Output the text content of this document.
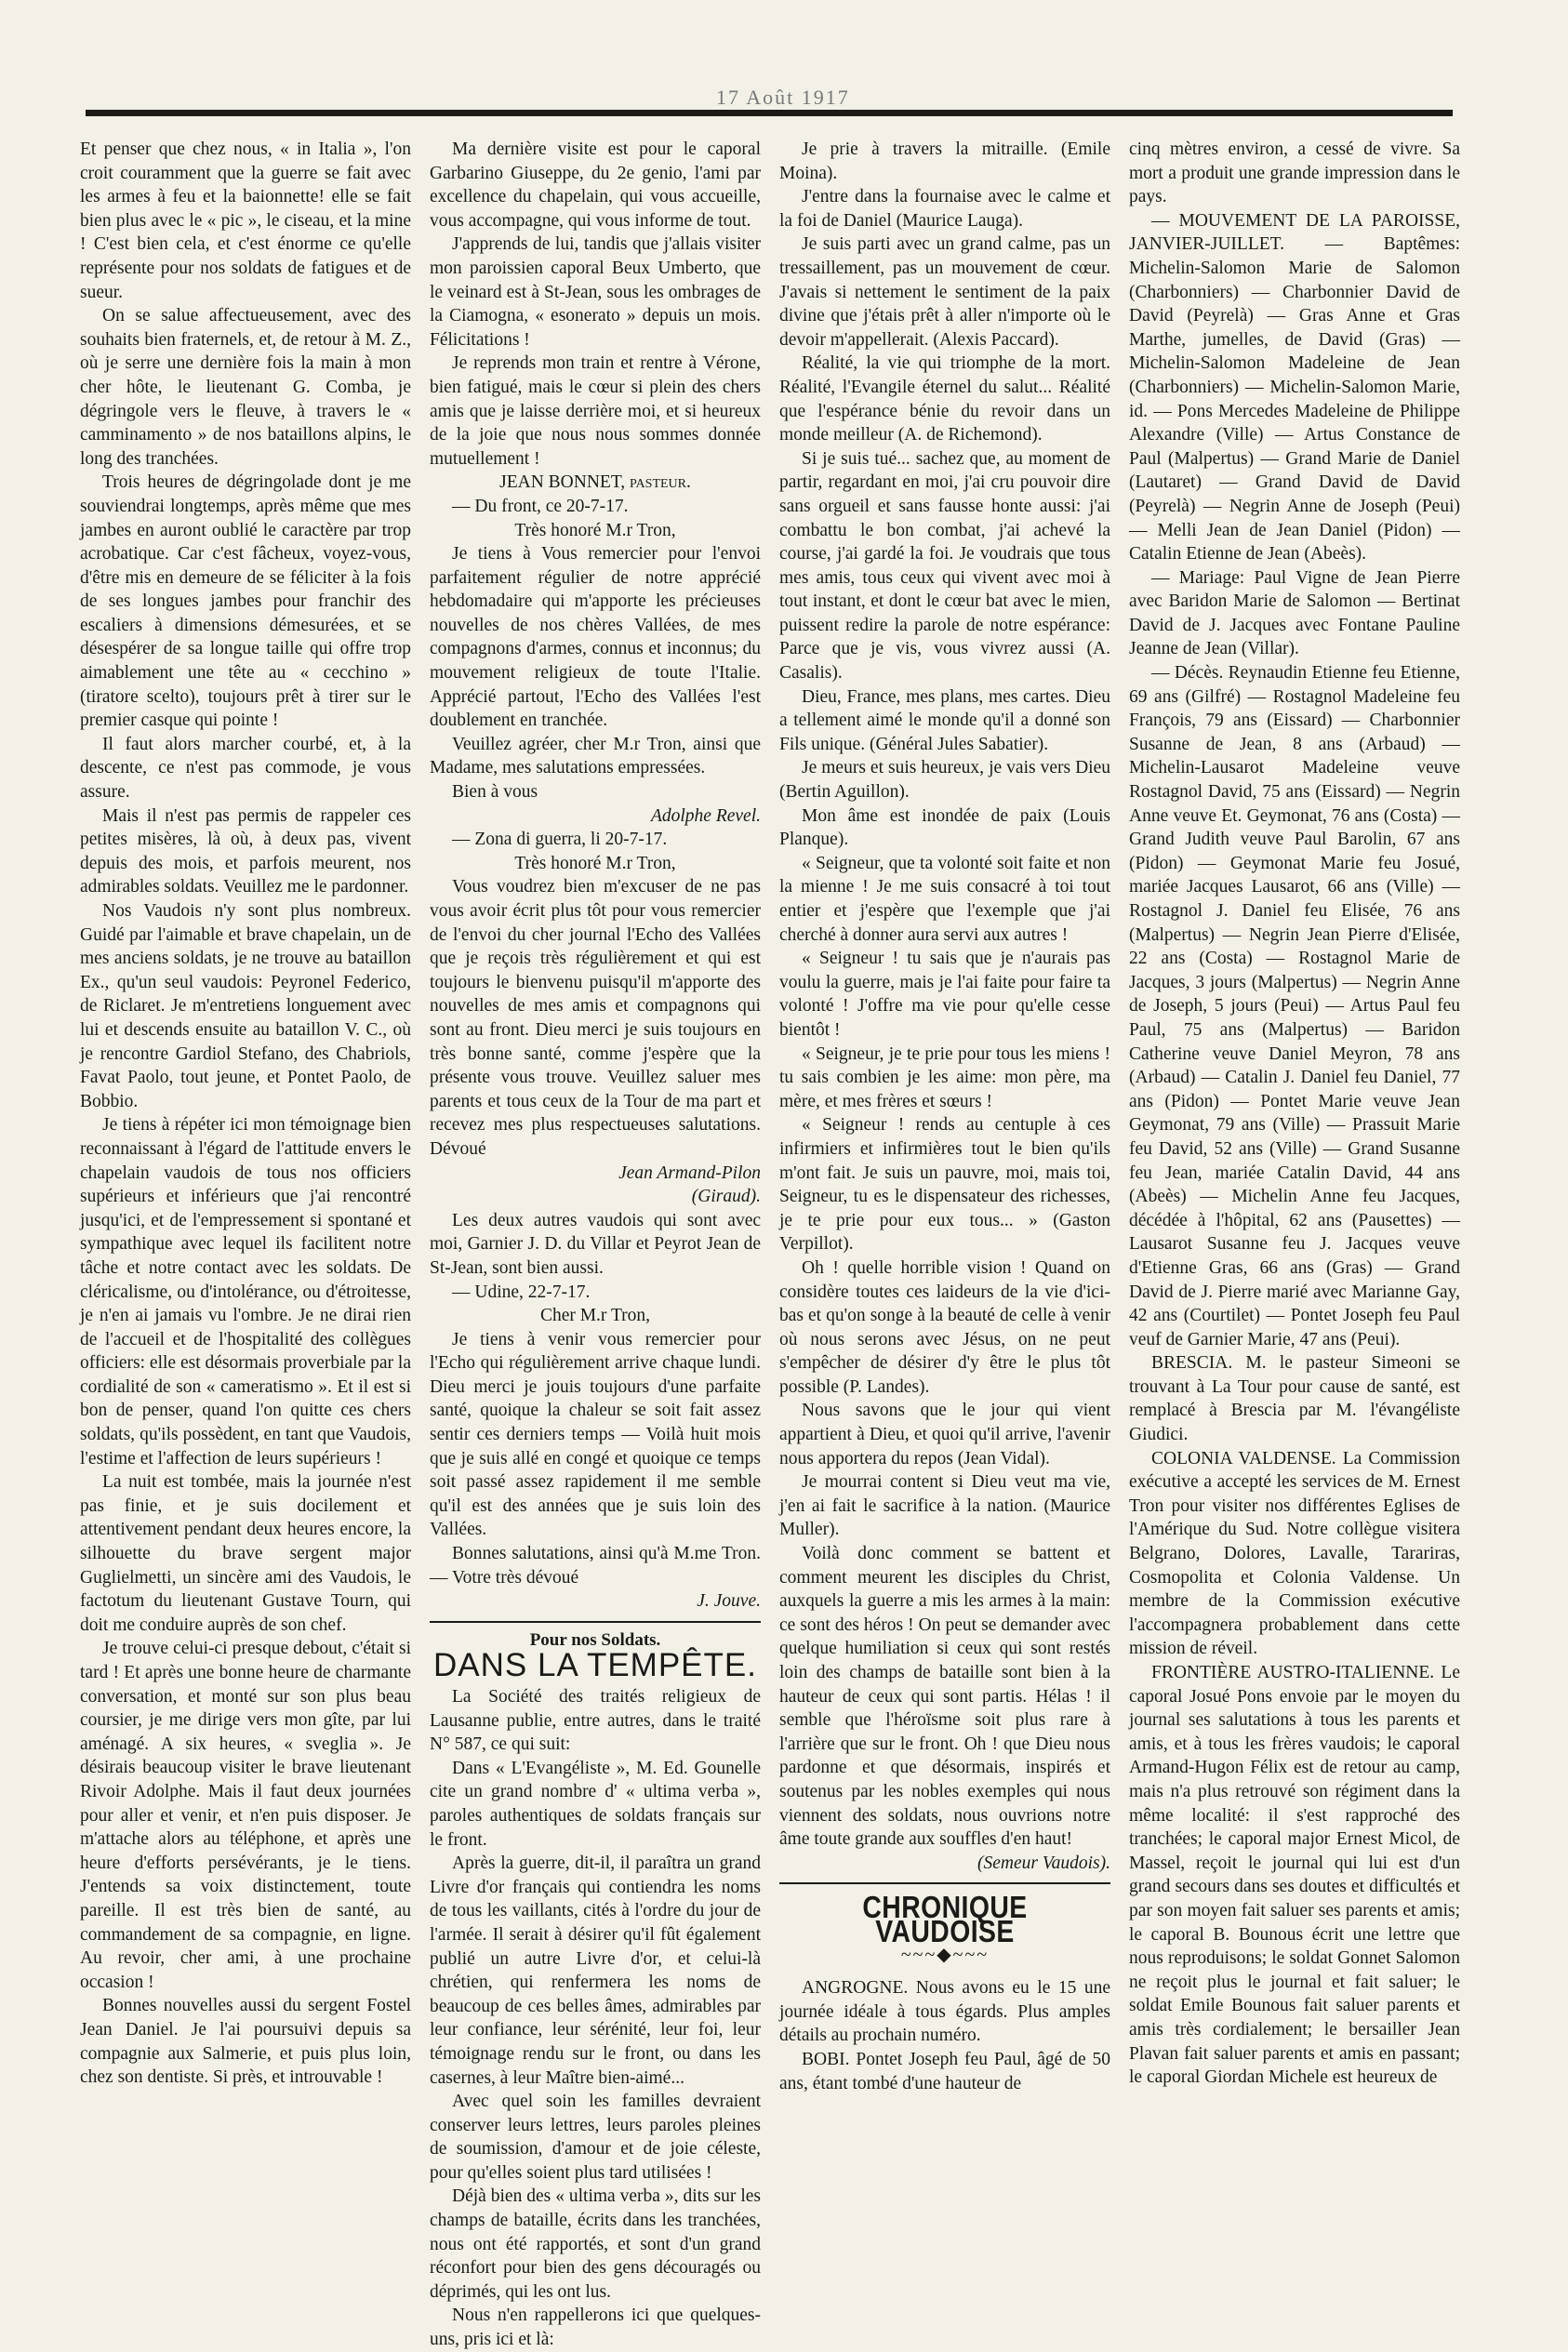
17 Août 1917

Et penser que chez nous, « in Italia », l'on croit couramment que la guerre se fait avec les armes à feu et la baionnette! elle se fait bien plus avec le « pic », le ciseau, et la mine ! C'est bien cela, et c'est énorme ce qu'elle représente pour nos soldats de fatigues et de sueur.

On se salue affectueusement, avec des souhaits bien fraternels, et, de retour à M. Z., où je serre une dernière fois la main à mon cher hôte, le lieutenant G. Comba, je dégringole vers le fleuve, à travers le « camminamento » de nos bataillons alpins, le long des tranchées.

Trois heures de dégringolade dont je me souviendrai longtemps, après même que mes jambes en auront oublié le caractère par trop acrobatique. Car c'est fâcheux, voyez-vous, d'être mis en demeure de se féliciter à la fois de ses longues jambes pour franchir des escaliers à dimensions démesurées, et se désespérer de sa longue taille qui offre trop aimablement une tête au « cecchino » (tiratore scelto), toujours prêt à tirer sur le premier casque qui pointe !

Il faut alors marcher courbé, et, à la descente, ce n'est pas commode, je vous assure.

Mais il n'est pas permis de rappeler ces petites misères, là où, à deux pas, vivent depuis des mois, et parfois meurent, nos admirables soldats. Veuillez me le pardonner.

Nos Vaudois n'y sont plus nombreux. Guidé par l'aimable et brave chapelain, un de mes anciens soldats, je ne trouve au bataillon Ex., qu'un seul vaudois: Peyronel Federico, de Riclaret. Je m'entretiens longuement avec lui et descends ensuite au bataillon V. C., où je rencontre Gardiol Stefano, des Chabriols, Favat Paolo, tout jeune, et Pontet Paolo, de Bobbio.

Je tiens à répéter ici mon témoignage bien reconnaissant à l'égard de l'attitude envers le chapelain vaudois de tous nos officiers supérieurs et inférieurs que j'ai rencontré jusqu'ici, et de l'empressement si spontané et sympathique avec lequel ils facilitent notre tâche et notre contact avec les soldats. De cléricalisme, ou d'intolérance, ou d'étroitesse, je n'en ai jamais vu l'ombre. Je ne dirai rien de l'accueil et de l'hospitalité des collègues officiers: elle est désormais proverbiale par la cordialité de son « cameratismo ». Et il est si bon de penser, quand l'on quitte ces chers soldats, qu'ils possèdent, en tant que Vaudois, l'estime et l'affection de leurs supérieurs !

La nuit est tombée, mais la journée n'est pas finie, et je suis docilement et attentivement pendant deux heures encore, la silhouette du brave sergent major Guglielmetti, un sincère ami des Vaudois, le factotum du lieutenant Gustave Tourn, qui doit me conduire auprès de son chef.

Je trouve celui-ci presque debout, c'était si tard ! Et après une bonne heure de charmante conversation, et monté sur son plus beau coursier, je me dirige vers mon gîte, par lui aménagé. A six heures, « sveglia ». Je désirais beaucoup visiter le brave lieutenant Rivoir Adolphe. Mais il faut deux journées pour aller et venir, et n'en puis disposer. Je m'attache alors au téléphone, et après une heure d'efforts persévérants, je le tiens. J'entends sa voix distinctement, toute pareille. Il est très bien de santé, au commandement de sa compagnie, en ligne. Au revoir, cher ami, à une prochaine occasion !

Bonnes nouvelles aussi du sergent Fostel Jean Daniel. Je l'ai poursuivi depuis sa compagnie aux Salmerie, et puis plus loin, chez son dentiste. Si près, et introuvable !

Ma dernière visite est pour le caporal Garbarino Giuseppe, du 2e genio, l'ami par excellence du chapelain, qui vous accueille, vous accompagne, qui vous informe de tout.

J'apprends de lui, tandis que j'allais visiter mon paroissien caporal Beux Umberto, que le veinard est à St-Jean, sous les ombrages de la Ciamogna, « esonerato » depuis un mois. Félicitations !

Je reprends mon train et rentre à Vérone, bien fatigué, mais le cœur si plein des chers amis que je laisse derrière moi, et si heureux de la joie que nous nous sommes donnée mutuellement !

JEAN BONNET, pasteur.

— Du front, ce 20-7-17.

Très honoré M.r Tron,

Je tiens à Vous remercier pour l'envoi parfaitement régulier de notre apprécié hebdomadaire qui m'apporte les précieuses nouvelles de nos chères Vallées, de mes compagnons d'armes, connus et inconnus; du mouvement religieux de toute l'Italie. Apprécié partout, l'Echo des Vallées l'est doublement en tranchée.

Veuillez agréer, cher M.r Tron, ainsi que Madame, mes salutations empressées.

Bien à vous

Adolphe Revel.

— Zona di guerra, li 20-7-17.

Très honoré M.r Tron,

Vous voudrez bien m'excuser de ne pas vous avoir écrit plus tôt pour vous remercier de l'envoi du cher journal l'Echo des Vallées que je reçois très régulièrement et qui est toujours le bienvenu puisqu'il m'apporte des nouvelles de mes amis et compagnons qui sont au front. Dieu merci je suis toujours en très bonne santé, comme j'espère que la présente vous trouve. Veuillez saluer mes parents et tous ceux de la Tour de ma part et recevez mes plus respectueuses salutations. Dévoué

Jean Armand-Pilon

(Giraud).

Les deux autres vaudois qui sont avec moi, Garnier J. D. du Villar et Peyrot Jean de St-Jean, sont bien aussi.

— Udine, 22-7-17.

Cher M.r Tron,

Je tiens à venir vous remercier pour l'Echo qui régulièrement arrive chaque lundi. Dieu merci je jouis toujours d'une parfaite santé, quoique la chaleur se soit fait assez sentir ces derniers temps — Voilà huit mois que je suis allé en congé et quoique ce temps soit passé assez rapidement il me semble qu'il est des années que je suis loin des Vallées.

Bonnes salutations, ainsi qu'à M.me Tron. — Votre très dévoué

J. Jouve.

Pour nos Soldats.
DANS LA TEMPÊTE.

La Société des traités religieux de Lausanne publie, entre autres, dans le traité N° 587, ce qui suit:

Dans « L'Evangéliste », M. Ed. Gounelle cite un grand nombre d' « ultima verba », paroles authentiques de soldats français sur le front.

Après la guerre, dit-il, il paraîtra un grand Livre d'or français qui contiendra les noms de tous les vaillants, cités à l'ordre du jour de l'armée. Il serait à désirer qu'il fût également publié un autre Livre d'or, et celui-là chrétien, qui renfermera les noms de beaucoup de ces belles âmes, admirables par leur confiance, leur sérénité, leur foi, leur témoignage rendu sur le front, ou dans les casernes, à leur Maître bien-aimé...

Avec quel soin les familles devraient conserver leurs lettres, leurs paroles pleines de soumission, d'amour et de joie céleste, pour qu'elles soient plus tard utilisées !

Déjà bien des « ultima verba », dits sur les champs de bataille, écrits dans les tranchées, nous ont été rapportés, et sont d'un grand réconfort pour bien des gens découragés ou déprimés, qui les ont lus.

Nous n'en rappellerons ici que quelques-uns, pris ici et là:

Je prie à travers la mitraille. (Emile Moina).

J'entre dans la fournaise avec le calme et la foi de Daniel (Maurice Lauga).

Je suis parti avec un grand calme, pas un tressaillement, pas un mouvement de cœur. J'avais si nettement le sentiment de la paix divine que j'étais prêt à aller n'importe où le devoir m'appellerait. (Alexis Paccard).

Réalité, la vie qui triomphe de la mort. Réalité, l'Evangile éternel du salut... Réalité que l'espérance bénie du revoir dans un monde meilleur (A. de Richemond).

Si je suis tué... sachez que, au moment de partir, regardant en moi, j'ai cru pouvoir dire sans orgueil et sans fausse honte aussi: j'ai combattu le bon combat, j'ai achevé la course, j'ai gardé la foi. Je voudrais que tous mes amis, tous ceux qui vivent avec moi à tout instant, et dont le cœur bat avec le mien, puissent redire la parole de notre espérance: Parce que je vis, vous vivrez aussi (A. Casalis).

Dieu, France, mes plans, mes cartes. Dieu a tellement aimé le monde qu'il a donné son Fils unique. (Général Jules Sabatier).

Je meurs et suis heureux, je vais vers Dieu (Bertin Aguillon).

Mon âme est inondée de paix (Louis Planque).

« Seigneur, que ta volonté soit faite et non la mienne ! Je me suis consacré à toi tout entier et j'espère que l'exemple que j'ai cherché à donner aura servi aux autres !

« Seigneur ! tu sais que je n'aurais pas voulu la guerre, mais je l'ai faite pour faire ta volonté ! J'offre ma vie pour qu'elle cesse bientôt !

« Seigneur, je te prie pour tous les miens ! tu sais combien je les aime: mon père, ma mère, et mes frères et sœurs !

« Seigneur ! rends au centuple à ces infirmiers et infirmières tout le bien qu'ils m'ont fait. Je suis un pauvre, moi, mais toi, Seigneur, tu es le dispensateur des richesses, je te prie pour eux tous... » (Gaston Verpillot).

Oh ! quelle horrible vision ! Quand on considère toutes ces laideurs de la vie d'ici-bas et qu'on songe à la beauté de celle à venir où nous serons avec Jésus, on ne peut s'empêcher de désirer d'y être le plus tôt possible (P. Landes).

Nous savons que le jour qui vient appartient à Dieu, et quoi qu'il arrive, l'avenir nous apportera du repos (Jean Vidal).

Je mourrai content si Dieu veut ma vie, j'en ai fait le sacrifice à la nation. (Maurice Muller).

Voilà donc comment se battent et comment meurent les disciples du Christ, auxquels la guerre a mis les armes à la main: ce sont des héros ! On peut se demander avec quelque humiliation si ceux qui sont restés loin des champs de bataille sont bien à la hauteur de ceux qui sont partis. Hélas ! il semble que l'héroïsme soit plus rare à l'arrière que sur le front. Oh ! que Dieu nous pardonne et que désormais, inspirés et soutenus par les nobles exemples qui nous viennent des soldats, nous ouvrions notre âme toute grande aux souffles d'en haut!

(Semeur Vaudois).

CHRONIQUE VAUDOISE
~~~◆~~~

ANGROGNE. Nous avons eu le 15 une journée idéale à tous égards. Plus amples détails au prochain numéro.

BOBI. Pontet Joseph feu Paul, âgé de 50 ans, étant tombé d'une hauteur de

cinq mètres environ, a cessé de vivre. Sa mort a produit une grande impression dans le pays.

— MOUVEMENT DE LA PAROISSE, JANVIER-JUILLET. — Baptêmes: Michelin-Salomon Marie de Salomon (Charbonniers) — Charbonnier David de David (Peyrelà) — Gras Anne et Gras Marthe, jumelles, de David (Gras) — Michelin-Salomon Madeleine de Jean (Charbonniers) — Michelin-Salomon Marie, id. — Pons Mercedes Madeleine de Philippe Alexandre (Ville) — Artus Constance de Paul (Malpertus) — Grand Marie de Daniel (Lautaret) — Grand David de David (Peyrelà) — Negrin Anne de Joseph (Peui) — Melli Jean de Jean Daniel (Pidon) — Catalin Etienne de Jean (Abeès).

— Mariage: Paul Vigne de Jean Pierre avec Baridon Marie de Salomon — Bertinat David de J. Jacques avec Fontane Pauline Jeanne de Jean (Villar).

— Décès. Reynaudin Etienne feu Etienne, 69 ans (Gilfré) — Rostagnol Madeleine feu François, 79 ans (Eissard) — Charbonnier Susanne de Jean, 8 ans (Arbaud) — Michelin-Lausarot Madeleine veuve Rostagnol David, 75 ans (Eissard) — Negrin Anne veuve Et. Geymonat, 76 ans (Costa) — Grand Judith veuve Paul Barolin, 67 ans (Pidon) — Geymonat Marie feu Josué, mariée Jacques Lausarot, 66 ans (Ville) — Rostagnol J. Daniel feu Elisée, 76 ans (Malpertus) — Negrin Jean Pierre d'Elisée, 22 ans (Costa) — Rostagnol Marie de Jacques, 3 jours (Malpertus) — Negrin Anne de Joseph, 5 jours (Peui) — Artus Paul feu Paul, 75 ans (Malpertus) — Baridon Catherine veuve Daniel Meyron, 78 ans (Arbaud) — Catalin J. Daniel feu Daniel, 77 ans (Pidon) — Pontet Marie veuve Jean Geymonat, 79 ans (Ville) — Prassuit Marie feu David, 52 ans (Ville) — Grand Susanne feu Jean, mariée Catalin David, 44 ans (Abeès) — Michelin Anne feu Jacques, décédée à l'hôpital, 62 ans (Pausettes) — Lausarot Susanne feu J. Jacques veuve d'Etienne Gras, 66 ans (Gras) — Grand David de J. Pierre marié avec Marianne Gay, 42 ans (Courtilet) — Pontet Joseph feu Paul veuf de Garnier Marie, 47 ans (Peui).

BRESCIA. M. le pasteur Simeoni se trouvant à La Tour pour cause de santé, est remplacé à Brescia par M. l'évangéliste Giudici.

COLONIA VALDENSE. La Commission exécutive a accepté les services de M. Ernest Tron pour visiter nos différentes Eglises de l'Amérique du Sud. Notre collègue visitera Belgrano, Dolores, Lavalle, Tarariras, Cosmopolita et Colonia Valdense. Un membre de la Commission exécutive l'accompagnera probablement dans cette mission de réveil.

FRONTIÈRE AUSTRO-ITALIENNE. Le caporal Josué Pons envoie par le moyen du journal ses salutations à tous les parents et amis, et à tous les frères vaudois; le caporal Armand-Hugon Félix est de retour au camp, mais n'a plus retrouvé son régiment dans la même localité: il s'est rapproché des tranchées; le caporal major Ernest Micol, de Massel, reçoit le journal qui lui est d'un grand secours dans ses doutes et difficultés et par son moyen fait saluer ses parents et amis; le caporal B. Bounous écrit une lettre que nous reproduisons; le soldat Gonnet Salomon ne reçoit plus le journal et fait saluer; le soldat Emile Bounous fait saluer parents et amis très cordialement; le bersailler Jean Plavan fait saluer parents et amis en passant; le caporal Giordan Michele est heureux de
